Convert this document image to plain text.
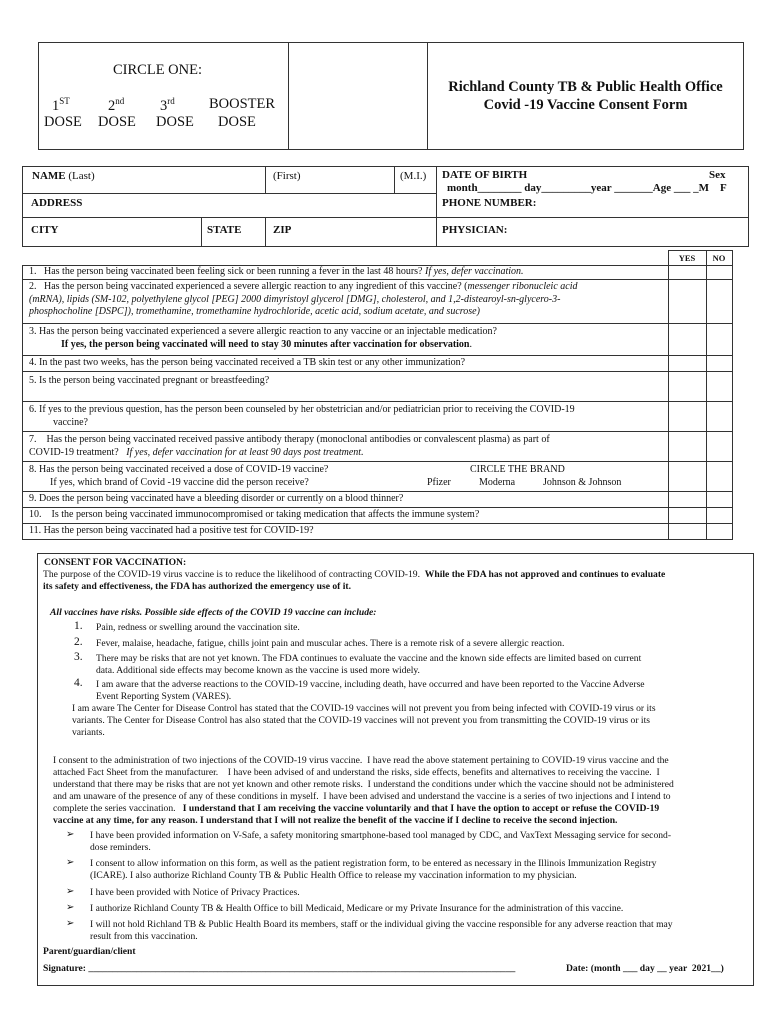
CIRCLE ONE:
1ST	2nd 3rd BOOSTER
DOSE DOSE DOSE DOSE
Richland County TB & Public Health Office
Covid -19 Vaccine Consent Form
NAME (Last)	(First)	(M.I.) DATE OF BIRTH	Sex
month________ day_________year _______Age ___ _M    F
ADDRESS	PHONE NUMBER:
CITY	STATE	ZIP	PHYSICIAN:
YES	NO
1.   Has the person being vaccinated been feeling sick or been running a fever in the last 48 hours? If yes, defer vaccination.
2.   Has the person being vaccinated experienced a severe allergic reaction to any ingredient of this vaccine? (messenger ribonucleic acid
(mRNA), lipids (SM-102, polyethylene glycol [PEG] 2000 dimyristoyl glycerol [DMG], cholesterol, and 1,2-distearoyl-sn-glycero-3-
phosphocholine [DSPC]), tromethamine, tromethamine hydrochloride, acetic acid, sodium acetate, and sucrose)
3. Has the person being vaccinated experienced a severe allergic reaction to any vaccine or an injectable medication?
If yes, the person being vaccinated will need to stay 30 minutes after vaccination for observation.
4. In the past two weeks, has the person being vaccinated received a TB skin test or any other immunization?
5. Is the person being vaccinated pregnant or breastfeeding?
6. If yes to the previous question, has the person been counseled by her obstetrician and/or pediatrician prior to receiving the COVID-19
vaccine?
7.    Has the person being vaccinated received passive antibody therapy (monoclonal antibodies or convalescent plasma) as part of
COVID-19 treatment?   If yes, defer vaccination for at least 90 days post treatment.
8. Has the person being vaccinated received a dose of COVID-19 vaccine?
If yes, which brand of Covid -19 vaccine did the person receive?
CIRCLE THE BRAND
Pfizer	Moderna	Johnson & Johnson
9. Does the person being vaccinated have a bleeding disorder or currently on a blood thinner?
10.    Is the person being vaccinated immunocompromised or taking medication that affects the immune system?
11. Has the person being vaccinated had a positive test for COVID-19?
CONSENT FOR VACCINATION:
The purpose of the COVID-19 virus vaccine is to reduce the likelihood of contracting COVID-19.  While the FDA has not approved and continues to evaluate
its safety and effectiveness, the FDA has authorized the emergency use of it.
All vaccines have risks. Possible side effects of the COVID 19 vaccine can include:
1. Pain, redness or swelling around the vaccination site.
2. Fever, malaise, headache, fatigue, chills joint pain and muscular aches. There is a remote risk of a severe allergic reaction.
3. There may be risks that are not yet known. The FDA continues to evaluate the vaccine and the known side effects are limited based on current
data. Additional side effects may become known as the vaccine is used more widely.
4. I am aware that the adverse reactions to the COVID-19 vaccine, including death, have occurred and have been reported to the Vaccine Adverse
Event Reporting System (VARES).
I am aware The Center for Disease Control has stated that the COVID-19 vaccines will not prevent you from being infected with COVID-19 virus or its
variants. The Center for Disease Control has also stated that the COVID-19 vaccines will not prevent you from transmitting the COVID-19 virus or its
variants.
I consent to the administration of two injections of the COVID-19 virus vaccine.  I have read the above statement pertaining to COVID-19 virus vaccine and the
attached Fact Sheet from the manufacturer.    I have been advised of and understand the risks, side effects, benefits and alternatives to receiving the vaccine.  I
understand that there may be risks that are not yet known and other remote risks.  I understand the conditions under which the vaccine should not be administered
and am unaware of the presence of any of these conditions in myself.  I have been advised and understand the vaccine is a series of two injections and I intend to
complete the series vaccination.   I understand that I am receiving the vaccine voluntarily and that I have the option to accept or refuse the COVID-19
vaccine at any time, for any reason. I understand that I will not realize the benefit of the vaccine if I decline to receive the second injection.
➢ I have been provided information on V-Safe, a safety monitoring smartphone-based tool managed by CDC, and VaxText Messaging service for second-
dose reminders.
➢ I consent to allow information on this form, as well as the patient registration form, to be entered as necessary in the Illinois Immunization Registry
(ICARE). I also authorize Richland County TB & Public Health Office to release my vaccination information to my physician.
➢ I have been provided with Notice of Privacy Practices.
➢ I authorize Richland County TB & Health Office to bill Medicaid, Medicare or my Private Insurance for the administration of this vaccine.
➢ I will not hold Richland TB & Public Health Board its members, staff or the individual giving the vaccine responsible for any adverse reaction that may
result from this vaccination.
Parent/guardian/client
Signature: _________________________________________________________________________________________	Date: (month ___ day __ year  2021__)
